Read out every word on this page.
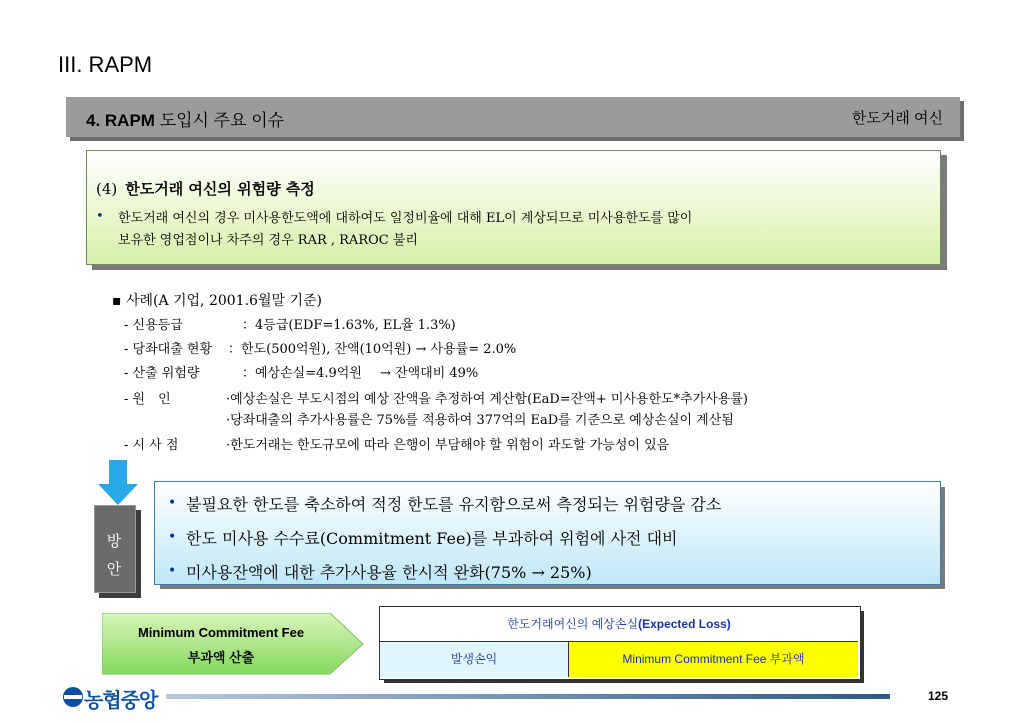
III. RAPM
4. RAPM 도입시 주요 이슈	한도거래 여신
(4) 한도거래 여신의 위험량 측정
• 한도거래 여신의 경우 미사용한도액에 대하여도 일정비율에 대해 EL이 계상되므로 미사용한도를 많이
보유한 영업점이나 차주의 경우 RAR , RAROC 불리
▪ 사례(A 기업, 2001.6월말 기준)
- 신용등급	：4등급(EDF=1.63%, EL율 1.3%)
- 당좌대출 현황 ：한도(500억원), 잔액(10억원) → 사용률= 2.0%
- 산출 위험량	：예상손실=4.9억원 → 잔액대비 49%
- 원　인	·예상손실은 부도시점의 예상 잔액을 추정하여 계산함(EaD=잔액+ 미사용한도*추가사용률)
·당좌대출의 추가사용률은 75%를 적용하여 377억의 EaD를 기준으로 예상손실이 계산됨
- 시 사 점	·한도거래는 한도규모에 따라 은행이 부담해야 할 위험이 과도할 가능성이 있음
방
안
• 불필요한 한도를 축소하여 적정 한도를 유지함으로써 측정되는 위험량을 감소
• 한도 미사용 수수료(Commitment Fee)를 부과하여 위험에 사전 대비
• 미사용잔액에 대한 추가사용율 한시적 완화(75% → 25%)
Minimum Commitment Fee
부과액 산출
한도거래여신의 예상손실(Expected Loss)
발생손익	Minimum Commitment Fee 부과액
농협중앙	125
